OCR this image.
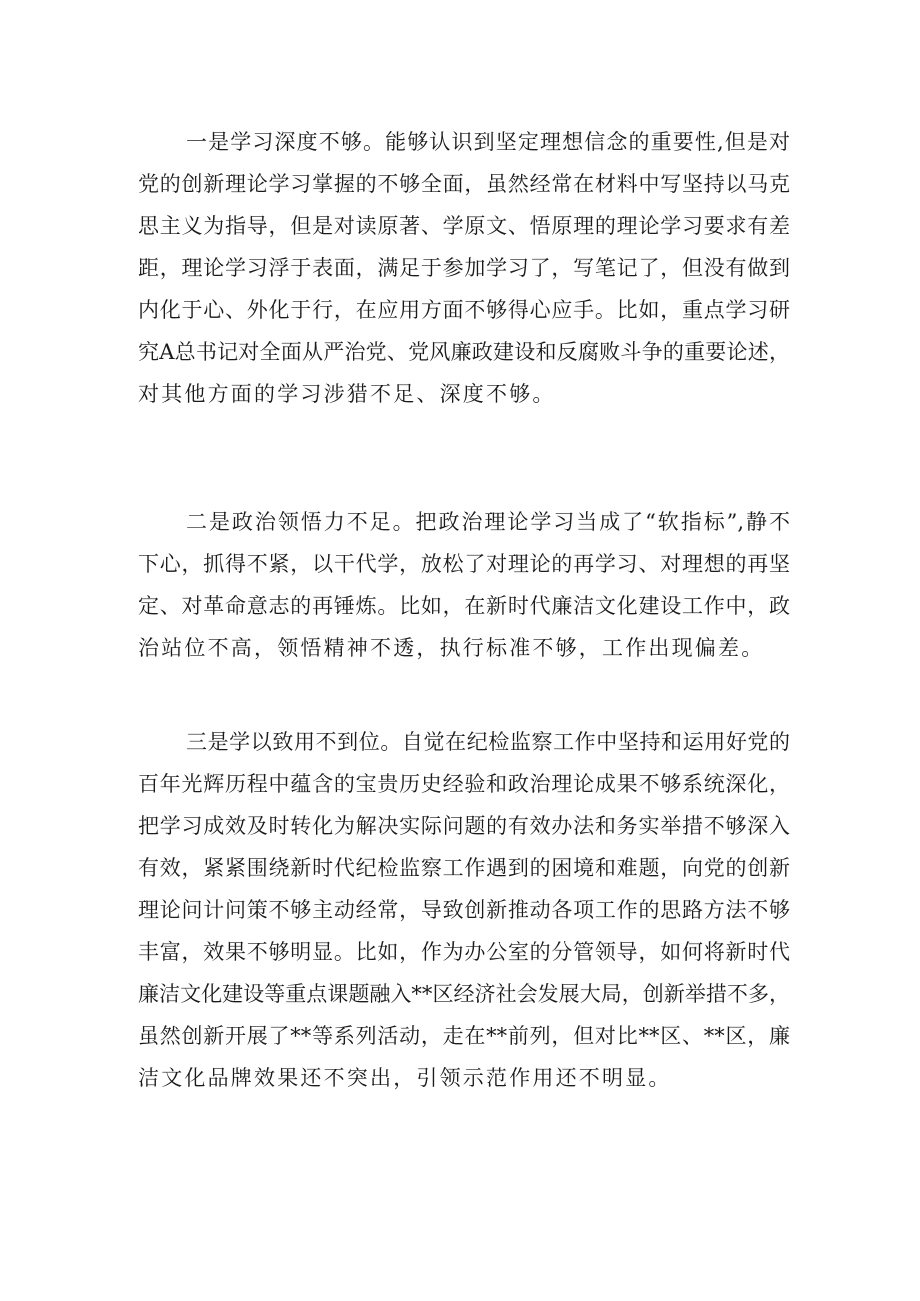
一是学习深度不够。能够认识到坚定理想信念的重要性,但是对
党的创新理论学习掌握的不够全面，虽然经常在材料中写坚持以马克
思主义为指导，但是对读原著、学原文、悟原理的理论学习要求有差
距，理论学习浮于表面，满足于参加学习了，写笔记了，但没有做到
内化于心、外化于行，在应用方面不够得心应手。比如，重点学习研
究A总书记对全面从严治党、党风廉政建设和反腐败斗争的重要论述，
对其他方面的学习涉猎不足、深度不够。
二是政治领悟力不足。把政治理论学习当成了“软指标”,静不
下心，抓得不紧，以干代学，放松了对理论的再学习、对理想的再坚
定、对革命意志的再锤炼。比如，在新时代廉洁文化建设工作中，政
治站位不高，领悟精神不透，执行标准不够，工作出现偏差。
三是学以致用不到位。自觉在纪检监察工作中坚持和运用好党的
百年光辉历程中蕴含的宝贵历史经验和政治理论成果不够系统深化，
把学习成效及时转化为解决实际问题的有效办法和务实举措不够深入
有效，紧紧围绕新时代纪检监察工作遇到的困境和难题，向党的创新
理论问计问策不够主动经常，导致创新推动各项工作的思路方法不够
丰富，效果不够明显。比如，作为办公室的分管领导，如何将新时代
廉洁文化建设等重点课题融入**区经济社会发展大局，创新举措不多，
虽然创新开展了**等系列活动，走在**前列，但对比**区、**区，廉
洁文化品牌效果还不突出，引领示范作用还不明显。
